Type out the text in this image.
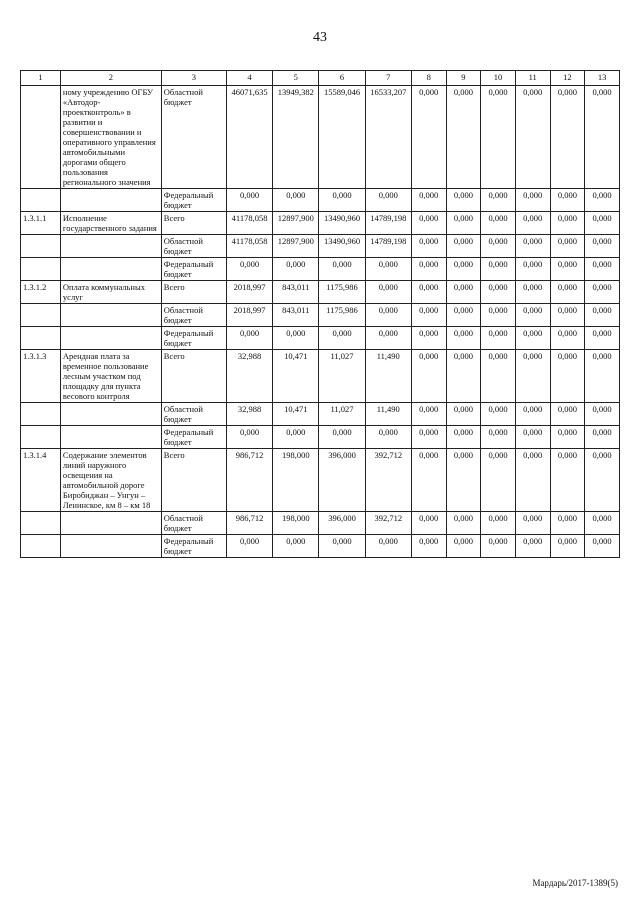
43
1	2	3	4	5	6	7	8	9	10	11	12	13
	ному учреждению ОГБУ «Автодор-проектконтроль» в развитии и совершенствовании и оперативного управления автомобильными дорогами общего пользования регионального значения	Областной бюджет	46071,635	13949,382	15589,046	16533,207	0,000	0,000	0,000	0,000	0,000	0,000
		Федеральный бюджет	0,000	0,000	0,000	0,000	0,000	0,000	0,000	0,000	0,000	0,000
1.3.1.1	Исполнение государственного задания	Всего	41178,058	12897,900	13490,960	14789,198	0,000	0,000	0,000	0,000	0,000	0,000
		Областной бюджет	41178,058	12897,900	13490,960	14789,198	0,000	0,000	0,000	0,000	0,000	0,000
		Федеральный бюджет	0,000	0,000	0,000	0,000	0,000	0,000	0,000	0,000	0,000	0,000
1.3.1.2	Оплата коммунальных услуг	Всего	2018,997	843,011	1175,986	0,000	0,000	0,000	0,000	0,000	0,000	0,000
		Областной бюджет	2018,997	843,011	1175,986	0,000	0,000	0,000	0,000	0,000	0,000	0,000
		Федеральный бюджет	0,000	0,000	0,000	0,000	0,000	0,000	0,000	0,000	0,000	0,000
1.3.1.3	Арендная плата за временное пользование лесным участком под площадку для пункта весового контроля	Всего	32,988	10,471	11,027	11,490	0,000	0,000	0,000	0,000	0,000	0,000
		Областной бюджет	32,988	10,471	11,027	11,490	0,000	0,000	0,000	0,000	0,000	0,000
		Федеральный бюджет	0,000	0,000	0,000	0,000	0,000	0,000	0,000	0,000	0,000	0,000
1.3.1.4	Содержание элементов линий наружного освещения на автомобильной дороге Биробиджан – Унгун – Ленинское, км 8 – км 18	Всего	986,712	198,000	396,000	392,712	0,000	0,000	0,000	0,000	0,000	0,000
		Областной бюджет	986,712	198,000	396,000	392,712	0,000	0,000	0,000	0,000	0,000	0,000
		Федеральный бюджет	0,000	0,000	0,000	0,000	0,000	0,000	0,000	0,000	0,000	0,000
Мардарь/2017-1389(5)
